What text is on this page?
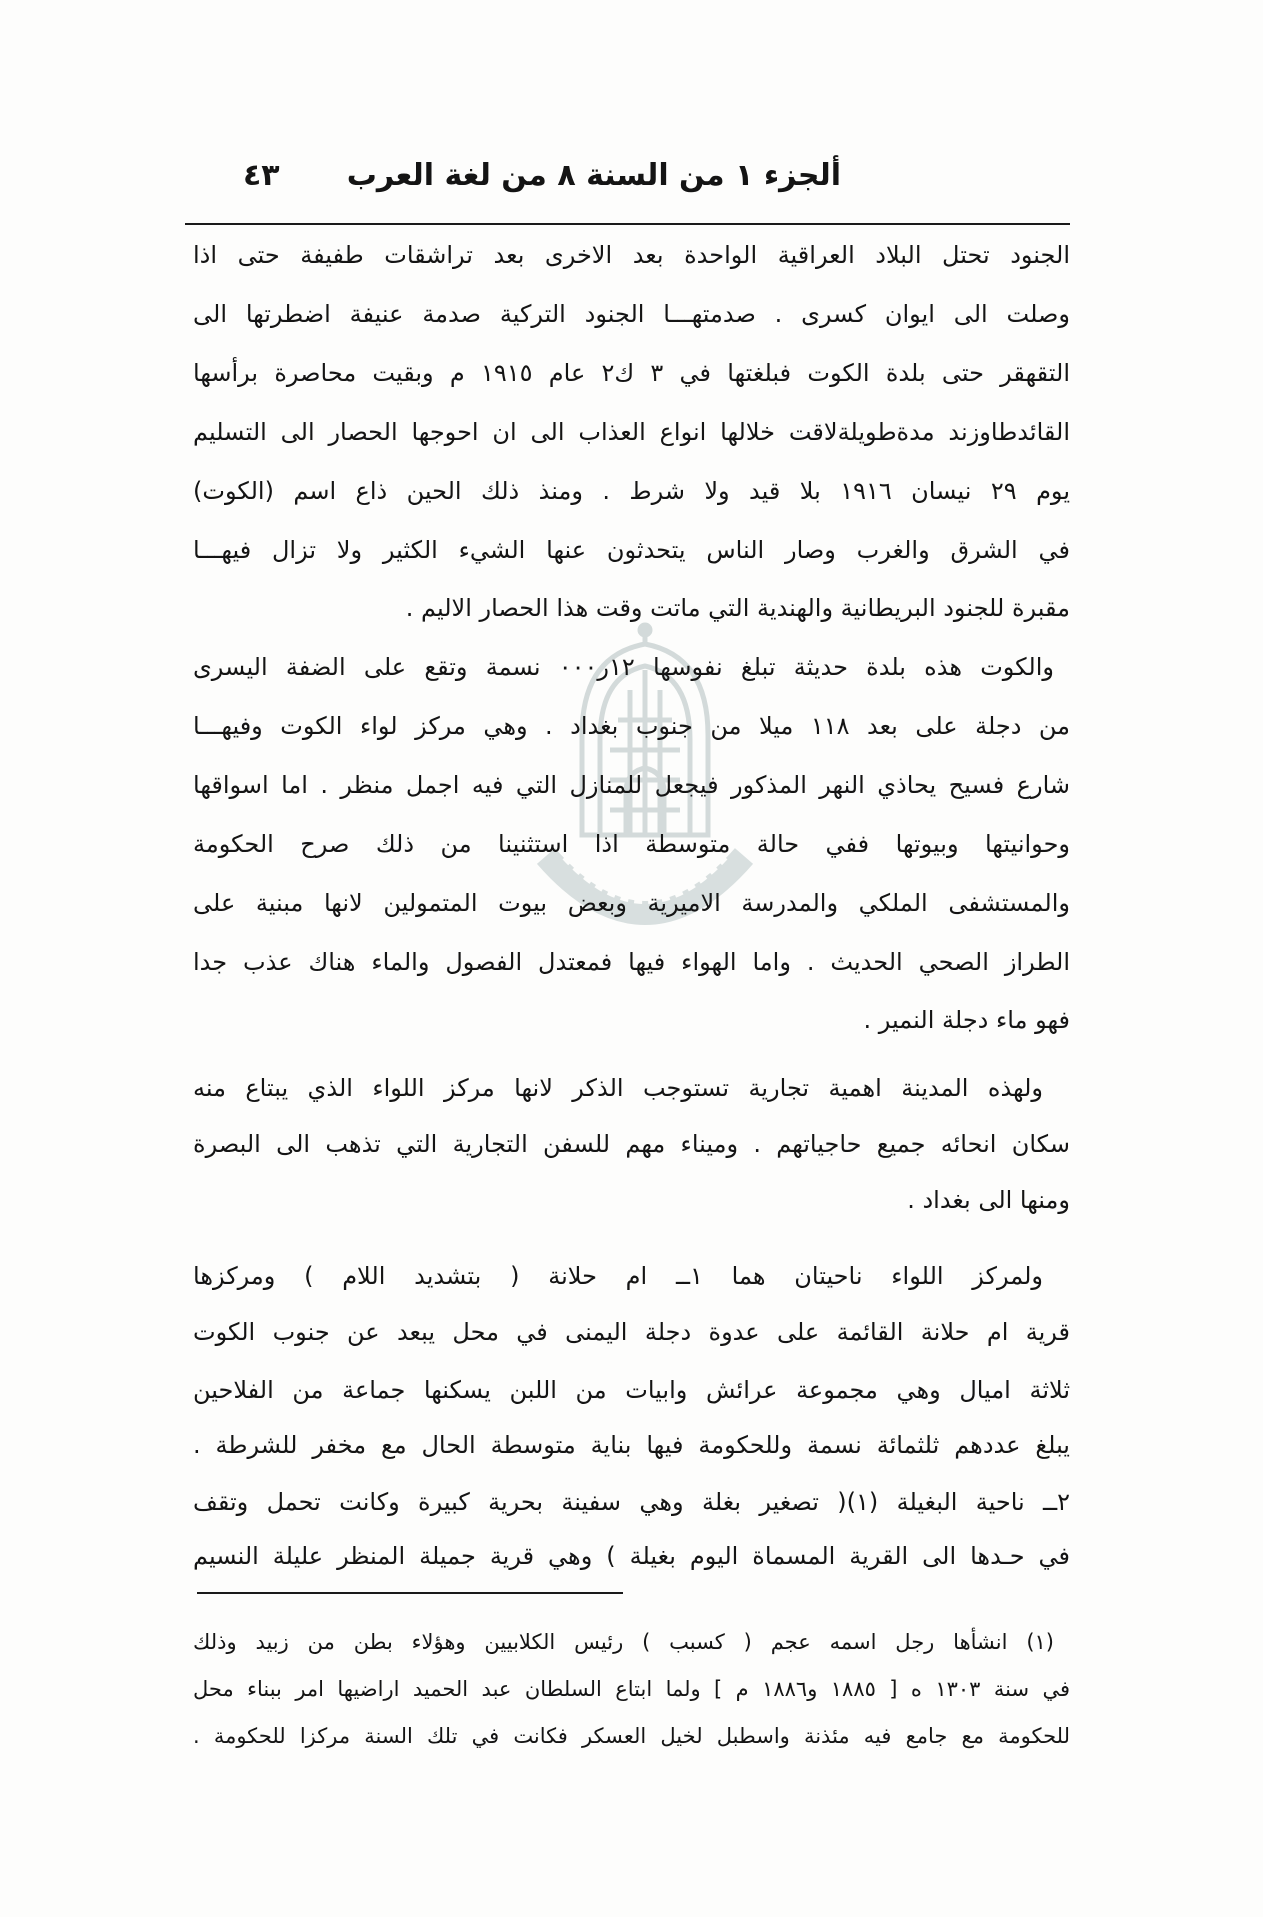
ألجزء ١ من السنة ٨ من لغة العرب
٤٣
الجنود تحتل البلاد العراقية الواحدة بعد الاخرى بعد تراشقات طفيفة حتى اذا
وصلت الى ايوان كسرى . صدمتهـــا الجنود التركية صدمة عنيفة اضطرتها الى
التقهقر حتى بلدة الكوت فبلغتها في ٣ ك٢ عام ١٩١٥ م وبقيت محاصرة برأسها
القائدطاوزند مدةطويلةلاقت خلالها انواع العذاب الى ان احوجها الحصار الى التسليم
يوم ٢٩ نيسان ١٩١٦ بلا قيد ولا شرط . ومنذ ذلك الحين ذاع اسم (الكوت)
في الشرق والغرب وصار الناس يتحدثون عنها الشيء الكثير ولا تزال فيهـــا
مقبرة للجنود البريطانية والهندية التي ماتت وقت هذا الحصار الاليم .
والكوت هذه بلدة حديثة تبلغ نفوسها ١٢ر٠٠٠ نسمة وتقع على الضفة اليسرى
من دجلة على بعد ١١٨ ميلا من جنوب بغداد . وهي مركز لواء الكوت وفيهـــا
شارع فسيح يحاذي النهر المذكور فيجعل للمنازل التي فيه اجمل منظر . اما اسواقها
وحوانيتها وبيوتها ففي حالة متوسطة اذا استثنينا من ذلك صرح الحكومة
والمستشفى الملكي والمدرسة الاميرية وبعض بيوت المتمولين لانها مبنية على
الطراز الصحي الحديث . واما الهواء فيها فمعتدل الفصول والماء هناك عذب جدا
فهو ماء دجلة النمير .
ولهذه المدينة اهمية تجارية تستوجب الذكر لانها مركز اللواء الذي يبتاع منه
سكان انحائه جميع حاجياتهم . وميناء مهم للسفن التجارية التي تذهب الى البصرة
ومنها الى بغداد .
ولمركز اللواء ناحيتان هما ١ــ ام حلانة ( بتشديد اللام ) ومركزها
قرية ام حلانة القائمة على عدوة دجلة اليمنى في محل يبعد عن جنوب الكوت
ثلاثة اميال وهي مجموعة عرائش وابيات من اللبن يسكنها جماعة من الفلاحين
يبلغ عددهم ثلثمائة نسمة وللحكومة فيها بناية متوسطة الحال مع مخفر للشرطة .
٢ــ ناحية البغيلة (١)( تصغير بغلة وهي سفينة بحرية كبيرة وكانت تحمل وتقف
في حـدها الى القرية المسماة اليوم بغيلة ) وهي قرية جميلة المنظر عليلة النسيم
(١) انشأها رجل اسمه عجم ( كسبب ) رئيس الكلابيين وهؤلاء بطن من زبيد وذلك
في سنة ١٣٠٣ ه [ ١٨٨٥ و١٨٨٦ م ] ولما ابتاع السلطان عبد الحميد اراضيها امر ببناء محل
للحكومة مع جامع فيه مئذنة واسطبل لخيل العسكر فكانت في تلك السنة مركزا للحكومة .
